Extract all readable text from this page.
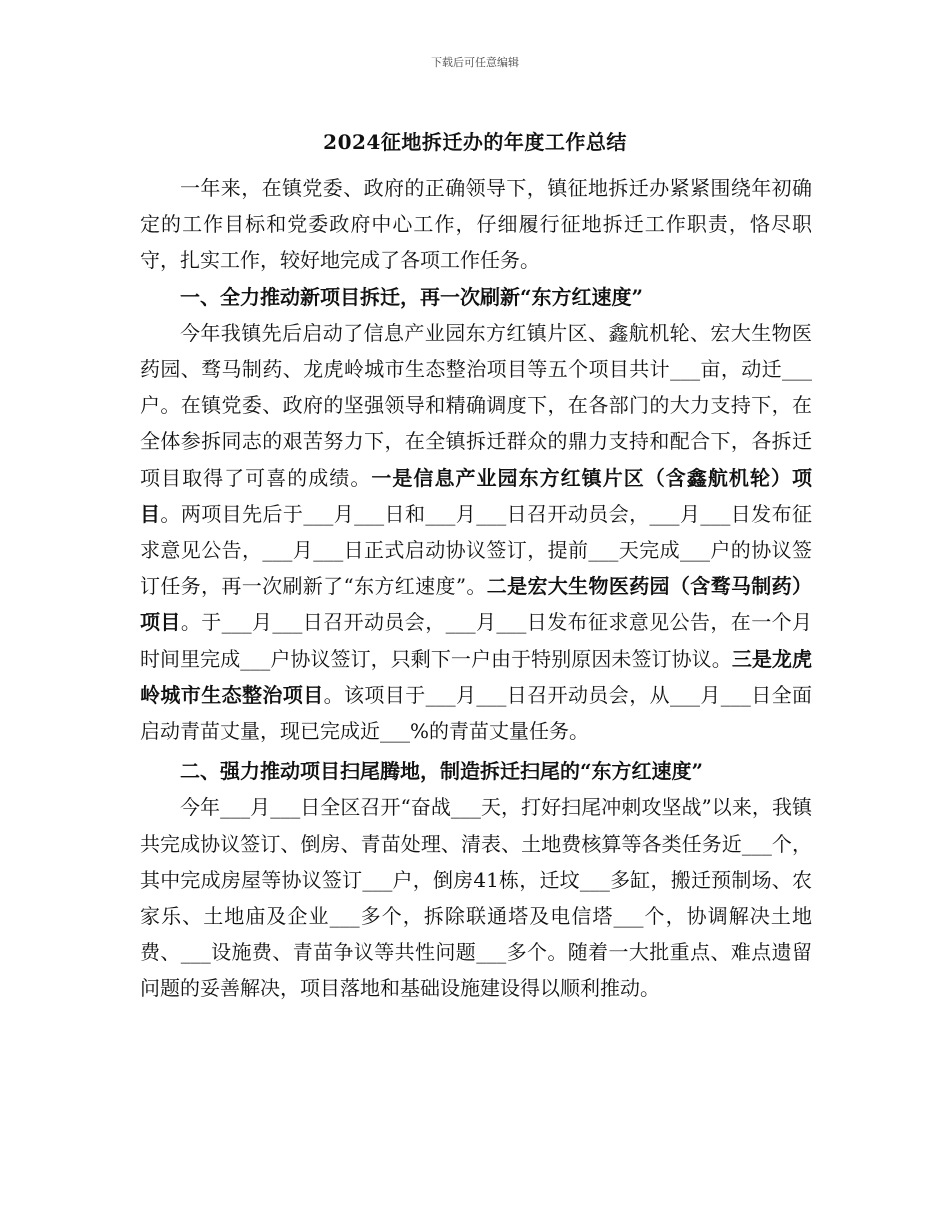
下载后可任意编辑
2024征地拆迁办的年度工作总结

一年来，在镇党委、政府的正确领导下，镇征地拆迁办紧紧围绕年初确定的工作目标和党委政府中心工作，仔细履行征地拆迁工作职责，恪尽职守，扎实工作，较好地完成了各项工作任务。

一、全力推动新项目拆迁，再一次刷新“东方红速度”

今年我镇先后启动了信息产业园东方红镇片区、鑫航机轮、宏大生物医药园、骛马制药、龙虎岭城市生态整治项目等五个项目共计___亩，动迁___户。在镇党委、政府的坚强领导和精确调度下，在各部门的大力支持下，在全体参拆同志的艰苦努力下，在全镇拆迁群众的鼎力支持和配合下，各拆迁项目取得了可喜的成绩。一是信息产业园东方红镇片区（含鑫航机轮）项目。两项目先后于___月___日和___月___日召开动员会，___月___日发布征求意见公告，___月___日正式启动协议签订，提前___天完成___户的协议签订任务，再一次刷新了“东方红速度”。二是宏大生物医药园（含骛马制药）项目。于___月___日召开动员会，___月___日发布征求意见公告，在一个月时间里完成___户协议签订，只剩下一户由于特别原因未签订协议。三是龙虎岭城市生态整治项目。该项目于___月___日召开动员会，从___月___日全面启动青苗丈量，现已完成近___%的青苗丈量任务。

二、强力推动项目扫尾腾地，制造拆迁扫尾的“东方红速度”

今年___月___日全区召开“奋战___天，打好扫尾冲刺攻坚战”以来，我镇共完成协议签订、倒房、青苗处理、清表、土地费核算等各类任务近___个，其中完成房屋等协议签订___户，倒房41栋，迁坟___多缸，搬迁预制场、农家乐、土地庙及企业___多个，拆除联通塔及电信塔___个，协调解决土地费、___设施费、青苗争议等共性问题___多个。随着一大批重点、难点遗留问题的妥善解决，项目落地和基础设施建设得以顺利推动。
